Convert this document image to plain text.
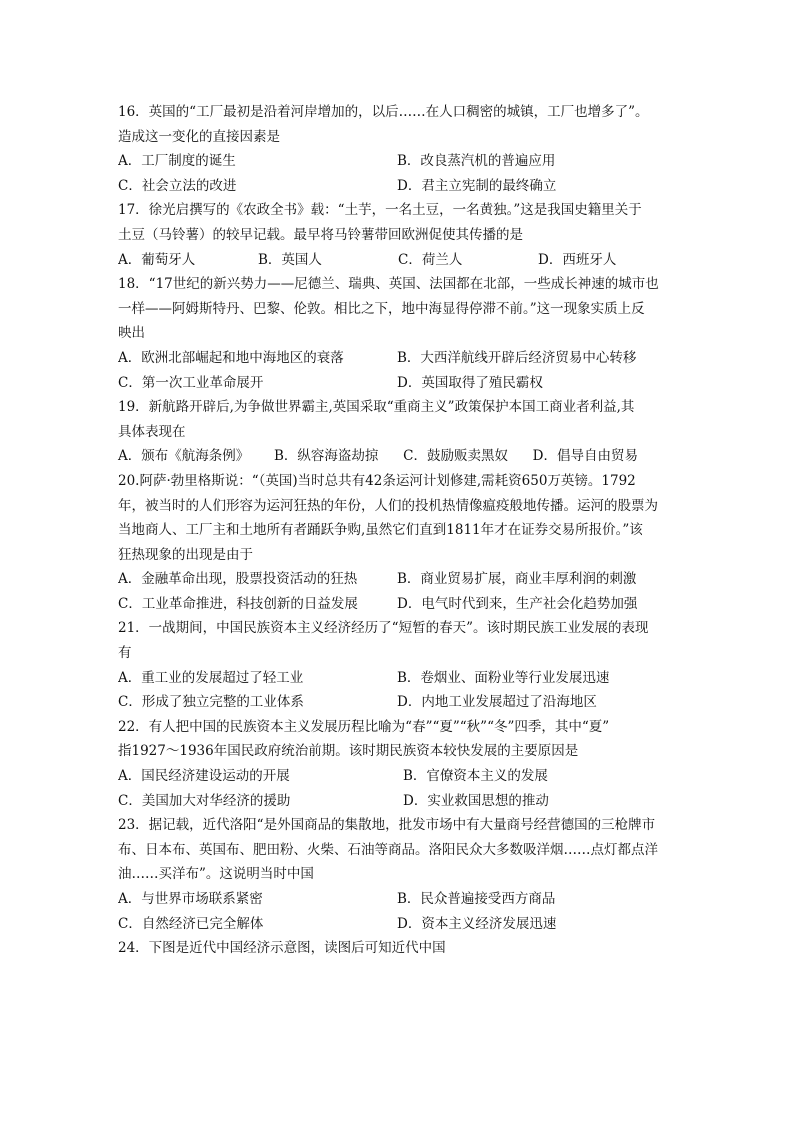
16．英国的“工厂最初是沿着河岸增加的，以后……在人口稠密的城镇，工厂也增多了”。
造成这一变化的直接因素是
A．工厂制度的诞生	B．改良蒸汽机的普遍应用
C．社会立法的改进	D．君主立宪制的最终确立
17．徐光启撰写的《农政全书》载：“土芋，一名土豆，一名黄独。”这是我国史籍里关于
土豆（马铃薯）的较早记载。最早将马铃薯带回欧洲促使其传播的是
A．葡萄牙人	B．英国人	C．荷兰人	D．西班牙人
18．“17世纪的新兴势力——尼德兰、瑞典、英国、法国都在北部，一些成长神速的城市也
一样——阿姆斯特丹、巴黎、伦敦。相比之下，地中海显得停滞不前。”这一现象实质上反
映出
A．欧洲北部崛起和地中海地区的衰落	B．大西洋航线开辟后经济贸易中心转移
C．第一次工业革命展开	D．英国取得了殖民霸权
19．新航路开辟后,为争做世界霸主,英国采取“重商主义”政策保护本国工商业者利益,其
具体表现在
A．颁布《航海条例》 B．纵容海盗劫掠 C．鼓励贩卖黑奴 D．倡导自由贸易
20.阿萨·勃里格斯说：“（英国)当时总共有42条运河计划修建,需耗资650万英镑。1792
年，被当时的人们形容为运河狂热的年份，人们的投机热情像瘟疫般地传播。运河的股票为
当地商人、工厂主和土地所有者踊跃争购,虽然它们直到1811年才在证券交易所报价。”该
狂热现象的出现是由于
A．金融革命出现，股票投资活动的狂热	B．商业贸易扩展，商业丰厚利润的刺激
C．工业革命推进，科技创新的日益发展	D．电气时代到来，生产社会化趋势加强
21．一战期间，中国民族资本主义经济经历了“短暂的春天”。该时期民族工业发展的表现
有
A．重工业的发展超过了轻工业	B．卷烟业、面粉业等行业发展迅速
C．形成了独立完整的工业体系	D．内地工业发展超过了沿海地区
22．有人把中国的民族资本主义发展历程比喻为“春”“夏”“秋”“冬”四季，其中“夏”
指1927～1936年国民政府统治前期。该时期民族资本较快发展的主要原因是
A．国民经济建设运动的开展	B．官僚资本主义的发展
C．美国加大对华经济的援助	D．实业救国思想的推动
23．据记载，近代洛阳“是外国商品的集散地，批发市场中有大量商号经营德国的三枪牌市
布、日本布、英国布、肥田粉、火柴、石油等商品。洛阳民众大多数吸洋烟……点灯都点洋
油……买洋布”。这说明当时中国
A．与世界市场联系紧密	B．民众普遍接受西方商品
C．自然经济已完全解体	D．资本主义经济发展迅速
24．下图是近代中国经济示意图，读图后可知近代中国
